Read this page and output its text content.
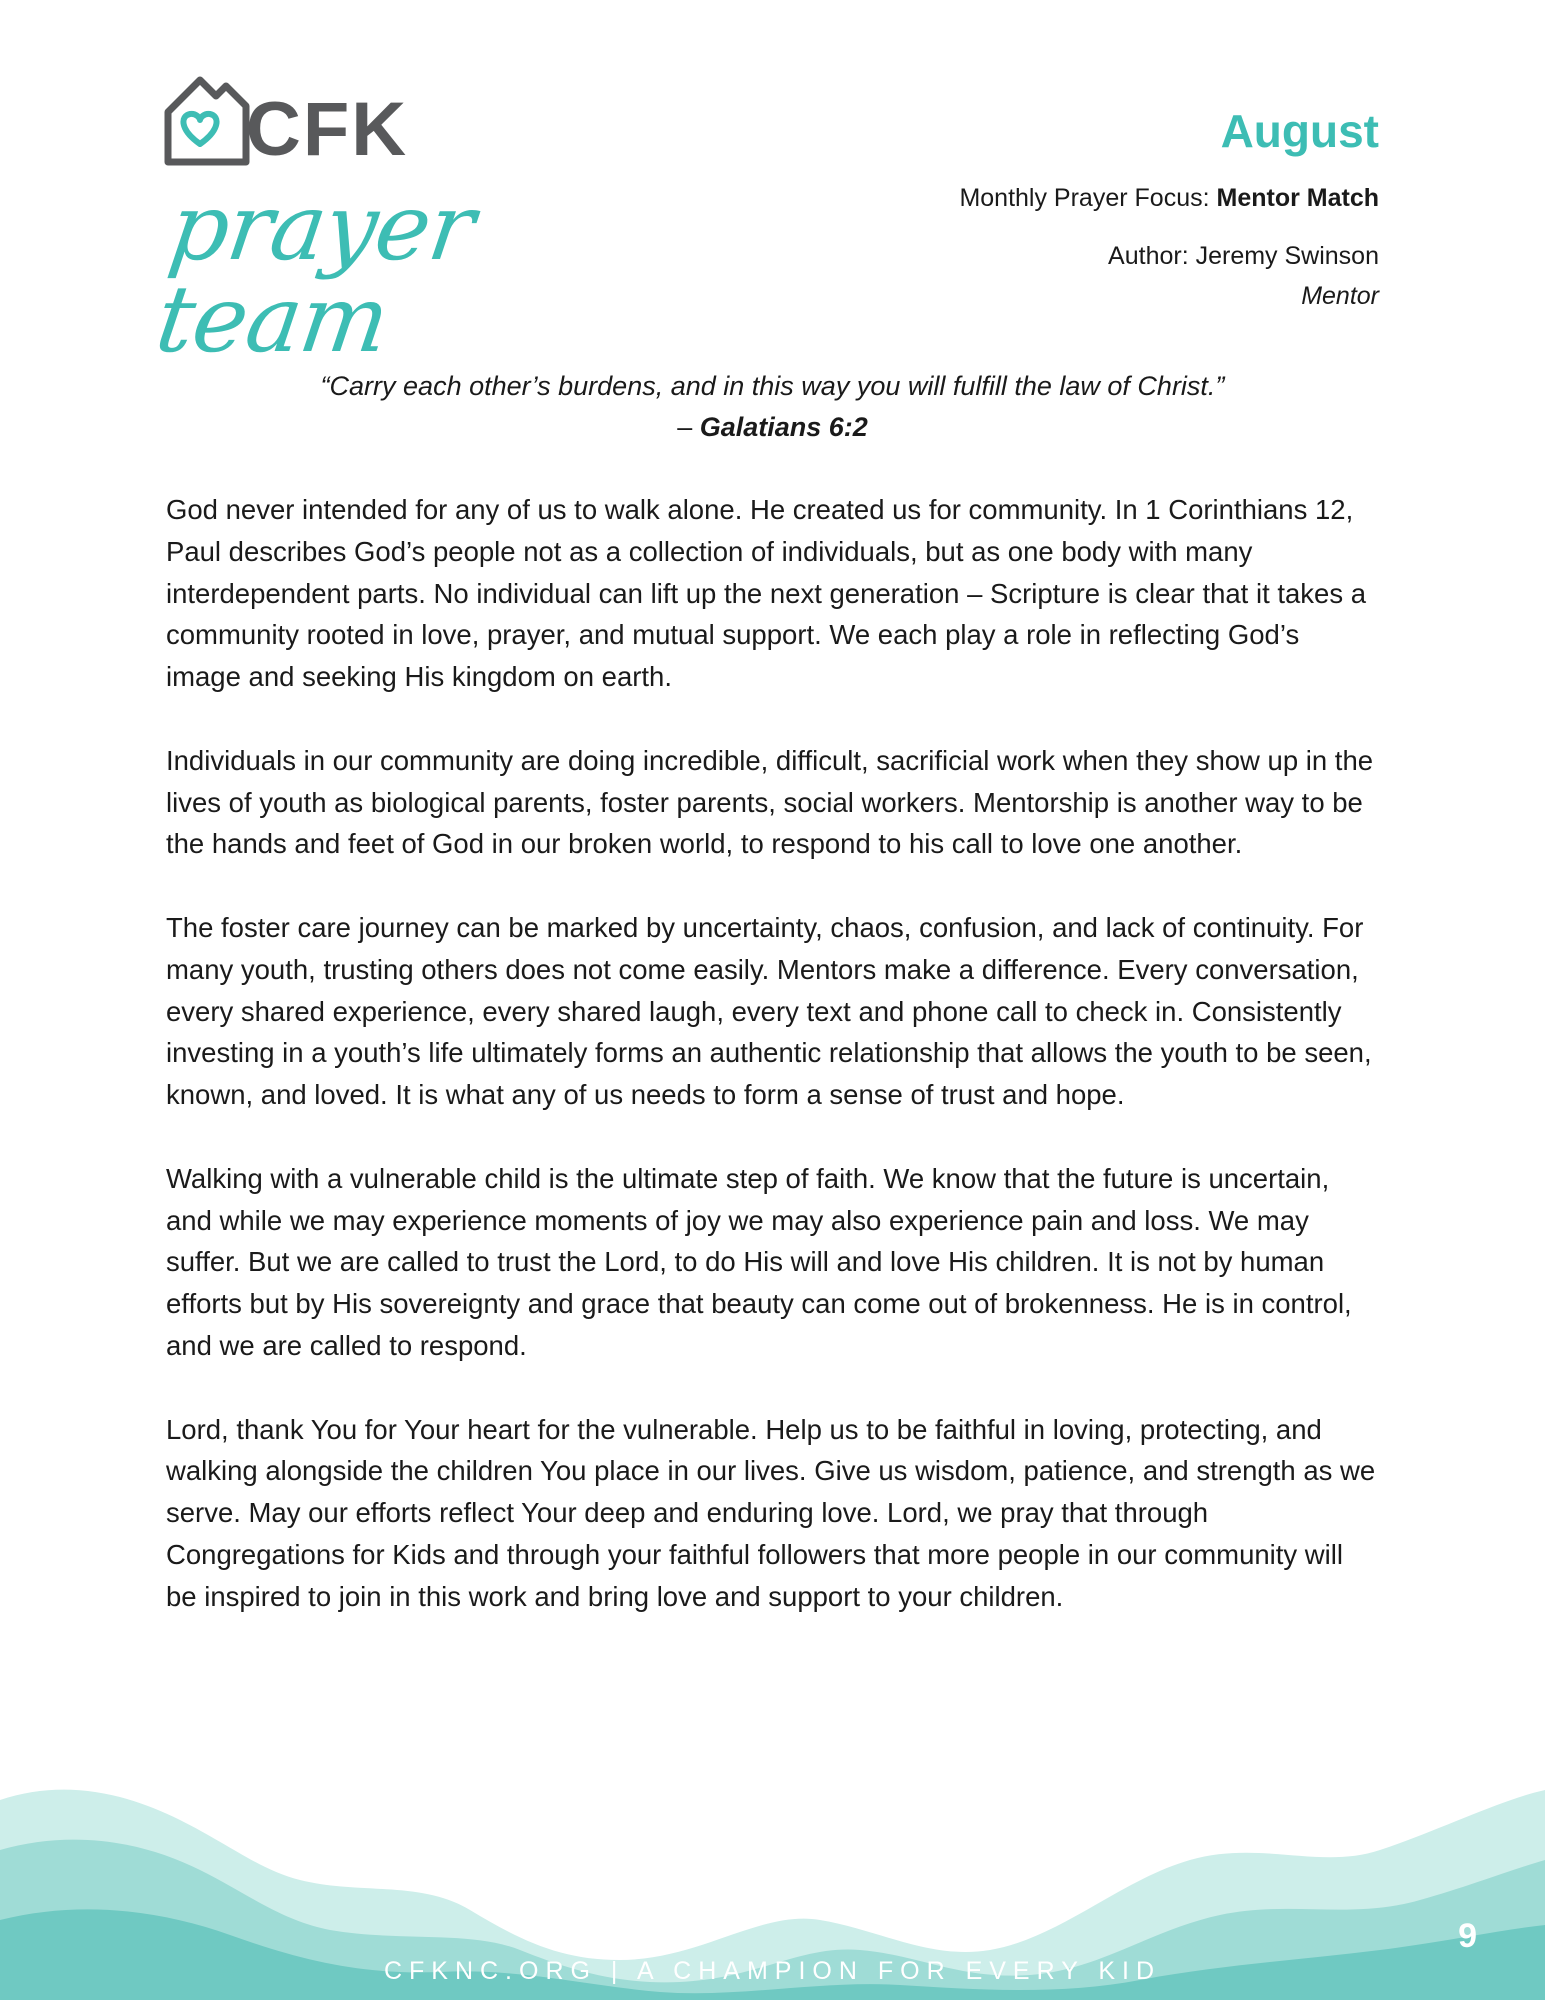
CFK
prayer team
August
Monthly Prayer Focus: Mentor Match
Author: Jeremy Swinson
Mentor
“Carry each other’s burdens, and in this way you will fulfill the law of Christ.”
– Galatians 6:2

God never intended for any of us to walk alone. He created us for community. In 1 Corinthians 12, Paul describes God’s people not as a collection of individuals, but as one body with many interdependent parts. No individual can lift up the next generation – Scripture is clear that it takes a community rooted in love, prayer, and mutual support. We each play a role in reflecting God’s image and seeking His kingdom on earth.

Individuals in our community are doing incredible, difficult, sacrificial work when they show up in the lives of youth as biological parents, foster parents, social workers. Mentorship is another way to be the hands and feet of God in our broken world, to respond to his call to love one another.

The foster care journey can be marked by uncertainty, chaos, confusion, and lack of continuity. For many youth, trusting others does not come easily. Mentors make a difference. Every conversation, every shared experience, every shared laugh, every text and phone call to check in. Consistently investing in a youth’s life ultimately forms an authentic relationship that allows the youth to be seen, known, and loved. It is what any of us needs to form a sense of trust and hope.

Walking with a vulnerable child is the ultimate step of faith. We know that the future is uncertain, and while we may experience moments of joy we may also experience pain and loss. We may suffer. But we are called to trust the Lord, to do His will and love His children. It is not by human efforts but by His sovereignty and grace that beauty can come out of brokenness. He is in control, and we are called to respond.

Lord, thank You for Your heart for the vulnerable. Help us to be faithful in loving, protecting, and walking alongside the children You place in our lives. Give us wisdom, patience, and strength as we serve. May our efforts reflect Your deep and enduring love. Lord, we pray that through Congregations for Kids and through your faithful followers that more people in our community will be inspired to join in this work and bring love and support to your children.

CFKNC.ORG | A CHAMPION FOR EVERY KID
9
